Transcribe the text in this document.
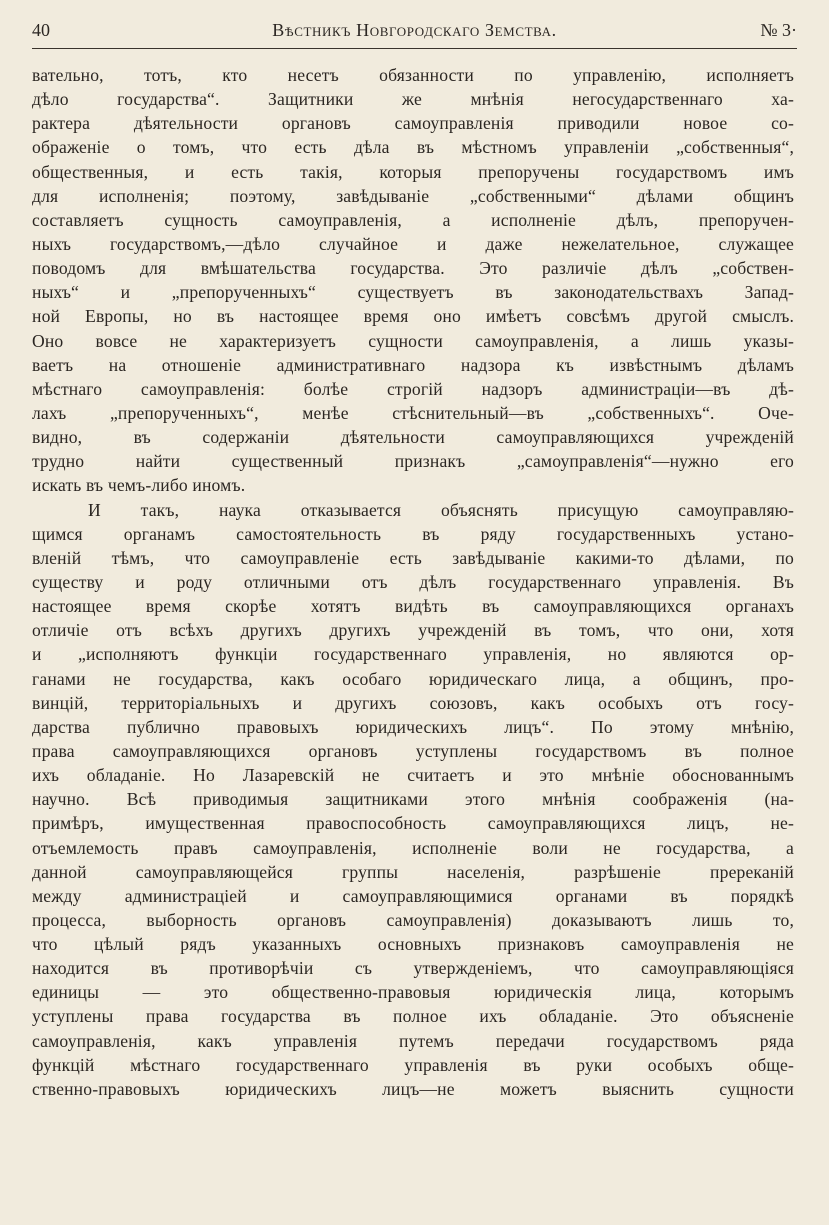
40	Вѣстникъ Новгородскаго Земства.	№ 3·
вательно, тотъ, кто несетъ обязанности по управленію, исполняетъ
дѣло государства“. Защитники же мнѣнія негосударственнаго ха-
рактера дѣятельности органовъ самоуправленія приводили новое со-
ображеніе о томъ, что есть дѣла въ мѣстномъ управленіи „собственныя“,
общественныя, и есть такія, которыя препоручены государствомъ имъ
для исполненія; поэтому, завѣдываніе „собственными“ дѣлами общинъ
составляетъ сущность самоуправленія, а исполненіе дѣлъ, препоручен-
ныхъ государствомъ,—дѣло случайное и даже нежелательное, служащее
поводомъ для вмѣшательства государства. Это различіе дѣлъ „собствен-
ныхъ“ и „препорученныхъ“ существуетъ въ законодательствахъ Запад-
ной Европы, но въ настоящее время оно имѣетъ совсѣмъ другой смыслъ.
Оно вовсе не характеризуетъ сущности самоуправленія, а лишь указы-
ваетъ на отношеніе административнаго надзора къ извѣстнымъ дѣламъ
мѣстнаго самоуправленія: болѣе строгій надзоръ администраціи—въ дѣ-
лахъ „препорученныхъ“, менѣе стѣснительный—въ „собственныхъ“. Оче-
видно, въ содержаніи дѣятельности самоуправляющихся учрежденій
трудно найти существенный признакъ „самоуправленія“—нужно его
искать въ чемъ-либо иномъ.
И такъ, наука отказывается объяснять присущую самоуправляю-
щимся органамъ самостоятельность въ ряду государственныхъ устано-
вленій тѣмъ, что самоуправленіе есть завѣдываніе какими-то дѣлами, по
существу и роду отличными отъ дѣлъ государственнаго управленія. Въ
настоящее время скорѣе хотятъ видѣть въ самоуправляющихся органахъ
отличіе отъ всѣхъ другихъ другихъ учрежденій въ томъ, что они, хотя
и „исполняютъ функціи государственнаго управленія, но являются ор-
ганами не государства, какъ особаго юридическаго лица, а общинъ, про-
винцій, территоріальныхъ и другихъ союзовъ, какъ особыхъ отъ госу-
дарства публично правовыхъ юридическихъ лицъ“. По этому мнѣнію,
права самоуправляющихся органовъ уступлены государствомъ въ полное
ихъ обладаніе. Но Лазаревскій не считаетъ и это мнѣніе обоснованнымъ
научно. Всѣ приводимыя защитниками этого мнѣнія соображенія (на-
примѣръ, имущественная правоспособность самоуправляющихся лицъ, не-
отъемлемость правъ самоуправленія, исполненіе воли не государства, а
данной самоуправляющейся группы населенія, разрѣшеніе пререканій
между администраціей и самоуправляющимися органами въ порядкѣ
процесса, выборность органовъ самоуправленія) доказываютъ лишь то,
что цѣлый рядъ указанныхъ основныхъ признаковъ самоуправленія не
находится въ противорѣчіи съ утвержденіемъ, что самоуправляющіяся
единицы — это общественно-правовыя юридическія лица, которымъ
уступлены права государства въ полное ихъ обладаніе. Это объясненіе
самоуправленія, какъ управленія путемъ передачи государствомъ ряда
функцій мѣстнаго государственнаго управленія въ руки особыхъ обще-
ственно-правовыхъ юридическихъ лицъ—не можетъ выяснить сущности
